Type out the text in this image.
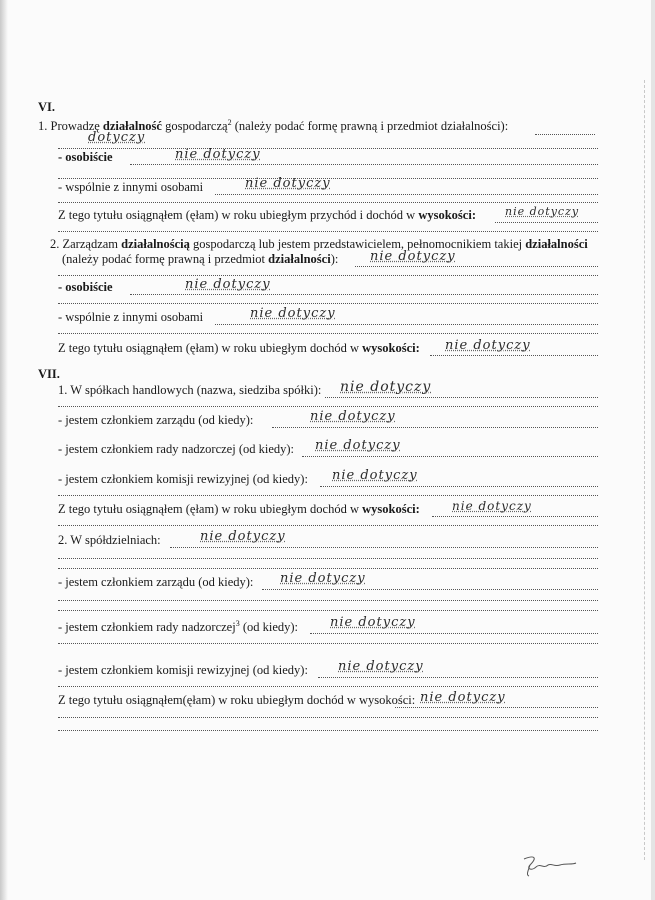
VI.
1. Prowadzę działalność gospodarczą$^2$ (należy podać formę prawną i przedmiot działalności):
dotyczy
- osobiście	nie dotyczy
- wspólnie z innymi osobami	nie dotyczy
Z tego tytułu osiągnąłem (ęłam) w roku ubiegłym przychód i dochód w wysokości:	nie dotyczy
2. Zarządzam działalnością gospodarczą lub jestem przedstawicielem, pełnomocnikiem takiej działalności
(należy podać formę prawną i przedmiot działalności): nie dotyczy
- osobiście	nie dotyczy
- wspólnie z innymi osobami	nie dotyczy
Z tego tytułu osiągnąłem (ęłam) w roku ubiegłym dochód w wysokości: nie dotyczy
VII.
1. W spółkach handlowych (nazwa, siedziba spółki): nie dotyczy
- jestem członkiem zarządu (od kiedy):	nie dotyczy
- jestem członkiem rady nadzorczej (od kiedy): nie dotyczy
- jestem członkiem komisji rewizyjnej (od kiedy): nie dotyczy
Z tego tytułu osiągnąłem (ęłam) w roku ubiegłym dochód w wysokości:	nie dotyczy
2. W spółdzielniach:	nie dotyczy
- jestem członkiem zarządu (od kiedy): nie dotyczy
- jestem członkiem rady nadzorczej$^3$ (od kiedy): nie dotyczy
- jestem członkiem komisji rewizyjnej (od kiedy): nie dotyczy
Z tego tytułu osiągnąłem(ęłam) w roku ubiegłym dochód w wysokości: nie dotyczy
